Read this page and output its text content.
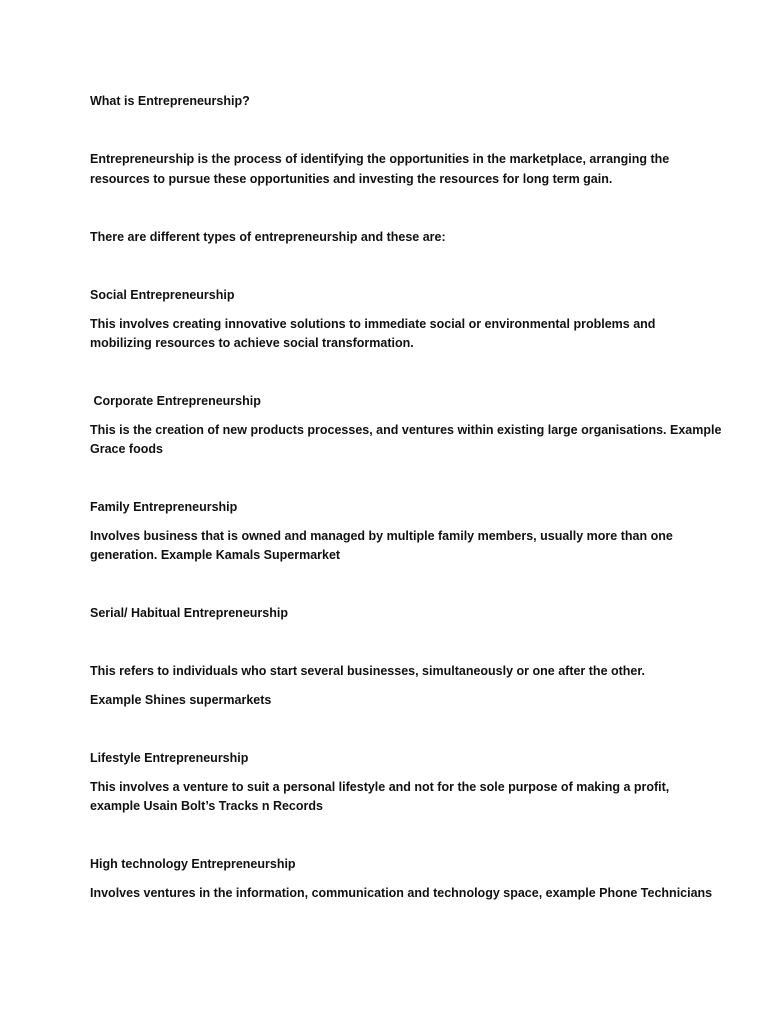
What is Entrepreneurship?
Entrepreneurship is the process of identifying the opportunities in the marketplace, arranging the
resources to pursue these opportunities and investing the resources for long term gain.
There are different types of entrepreneurship and these are:
Social Entrepreneurship
This involves creating innovative solutions to immediate social or environmental problems and
mobilizing resources to achieve social transformation.
Corporate Entrepreneurship
This is the creation of new products processes, and ventures within existing large organisations. Example
Grace foods
Family Entrepreneurship
Involves business that is owned and managed by multiple family members, usually more than one
generation. Example Kamals Supermarket
Serial/ Habitual Entrepreneurship
This refers to individuals who start several businesses, simultaneously or one after the other.
Example Shines supermarkets
Lifestyle Entrepreneurship
This involves a venture to suit a personal lifestyle and not for the sole purpose of making a profit,
example Usain Bolt’s Tracks n Records
High technology Entrepreneurship
Involves ventures in the information, communication and technology space, example Phone Technicians
